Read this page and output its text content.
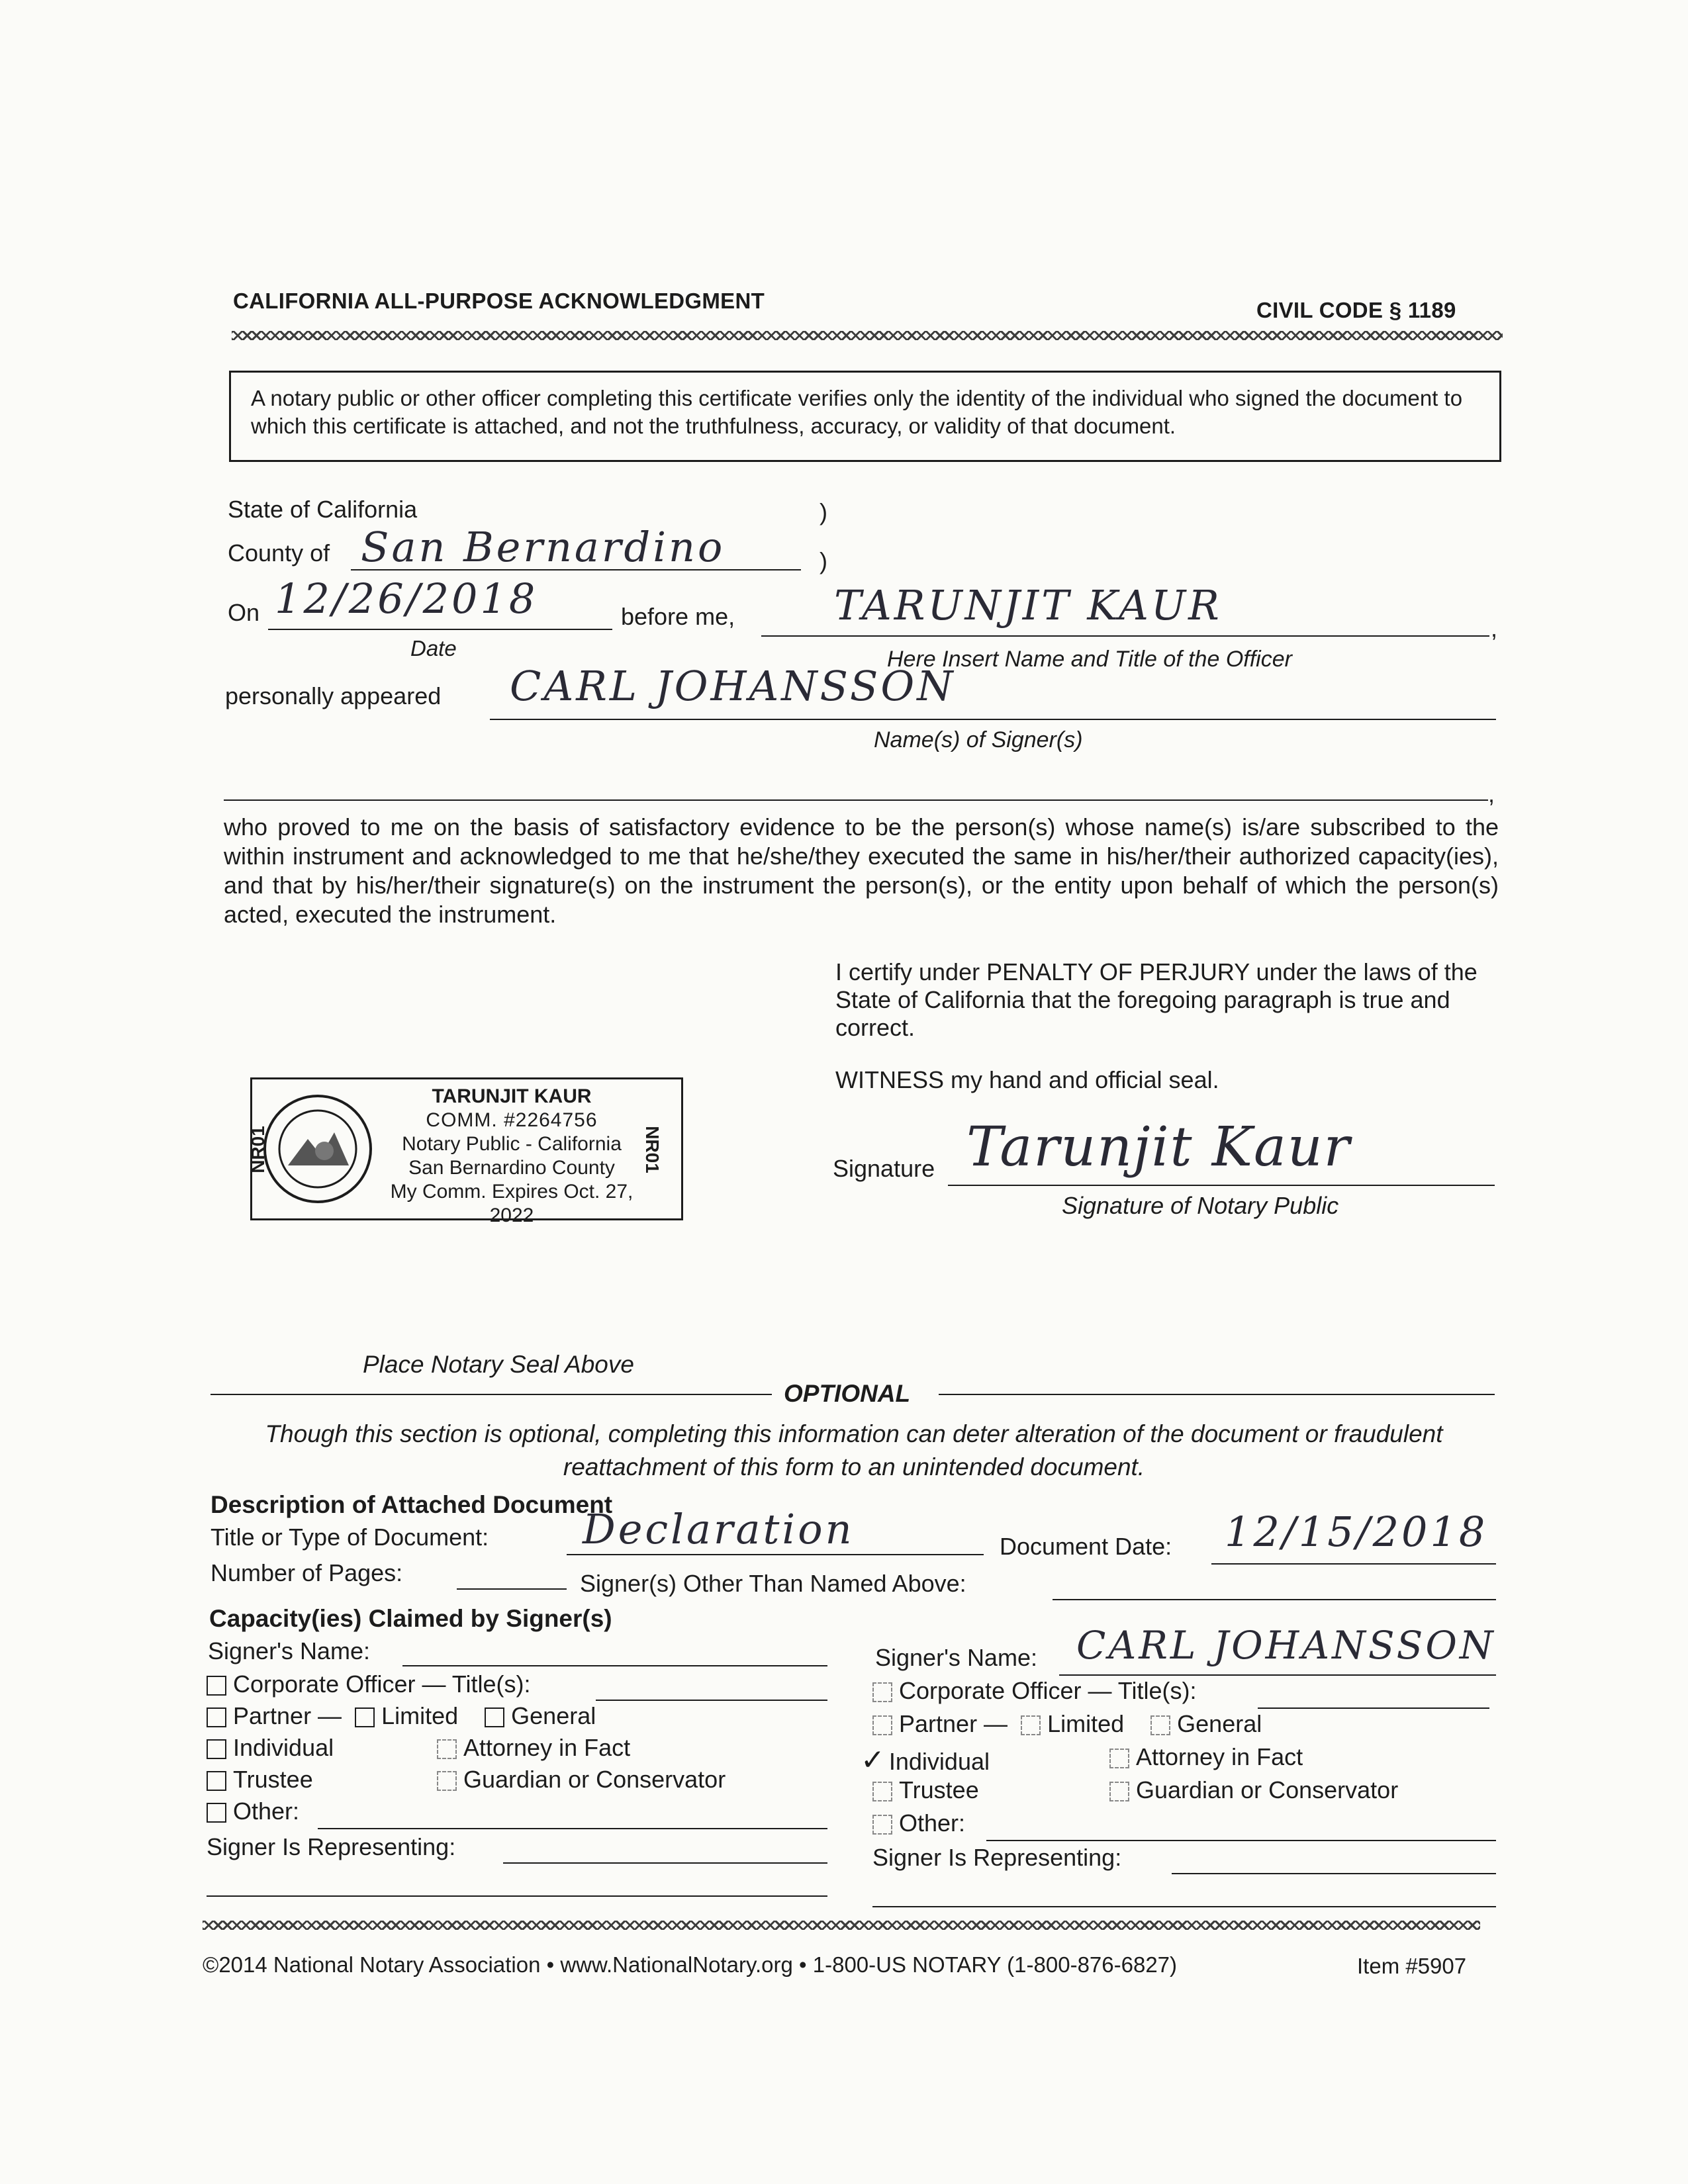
CALIFORNIA ALL-PURPOSE ACKNOWLEDGMENT	CIVIL CODE § 1189
A notary public or other officer completing this certificate verifies only the identity of the individual who signed the document to which this certificate is attached, and not the truthfulness, accuracy, or validity of that document.
State of California	)
County of San Bernardino	)
On 12/26/2018
Date
before me, TARUNJIT KAUR	,
Here Insert Name and Title of the Officer
personally appeared CARL JOHANSSON
Name(s) of Signer(s)
,
who proved to me on the basis of satisfactory evidence to be the person(s) whose name(s) is/are subscribed to the within instrument and acknowledged to me that he/she/they executed the same in his/her/their authorized capacity(ies), and that by his/her/their signature(s) on the instrument the person(s), or the entity upon behalf of which the person(s) acted, executed the instrument.
I certify under PENALTY OF PERJURY under the laws of the State of California that the foregoing paragraph is true and correct.
WITNESS my hand and official seal.
Signature Tarunjit Kaur
Signature of Notary Public
NR01
TARUNJIT KAUR
COMM. #2264756
Notary Public - California
San Bernardino County
My Comm. Expires Oct. 27, 2022
NR01
Place Notary Seal Above
OPTIONAL
Though this section is optional, completing this information can deter alteration of the document or fraudulent reattachment of this form to an unintended document.
Description of Attached Document
Title or Type of Document: Declaration	Document Date: 12/15/2018
Number of Pages:	Signer(s) Other Than Named Above:
Capacity(ies) Claimed by Signer(s)
Signer's Name:
Corporate Officer — Title(s):
Partner — Limited General
Individual	Attorney in Fact
Trustee	Guardian or Conservator
Other:
Signer Is Representing:
Signer's Name: CARL JOHANSSON
Corporate Officer — Title(s):
Partner — Limited General
✓ Individual	Attorney in Fact
Trustee	Guardian or Conservator
Other:
Signer Is Representing:
©2014 National Notary Association • www.NationalNotary.org • 1-800-US NOTARY (1-800-876-6827)	Item #5907
